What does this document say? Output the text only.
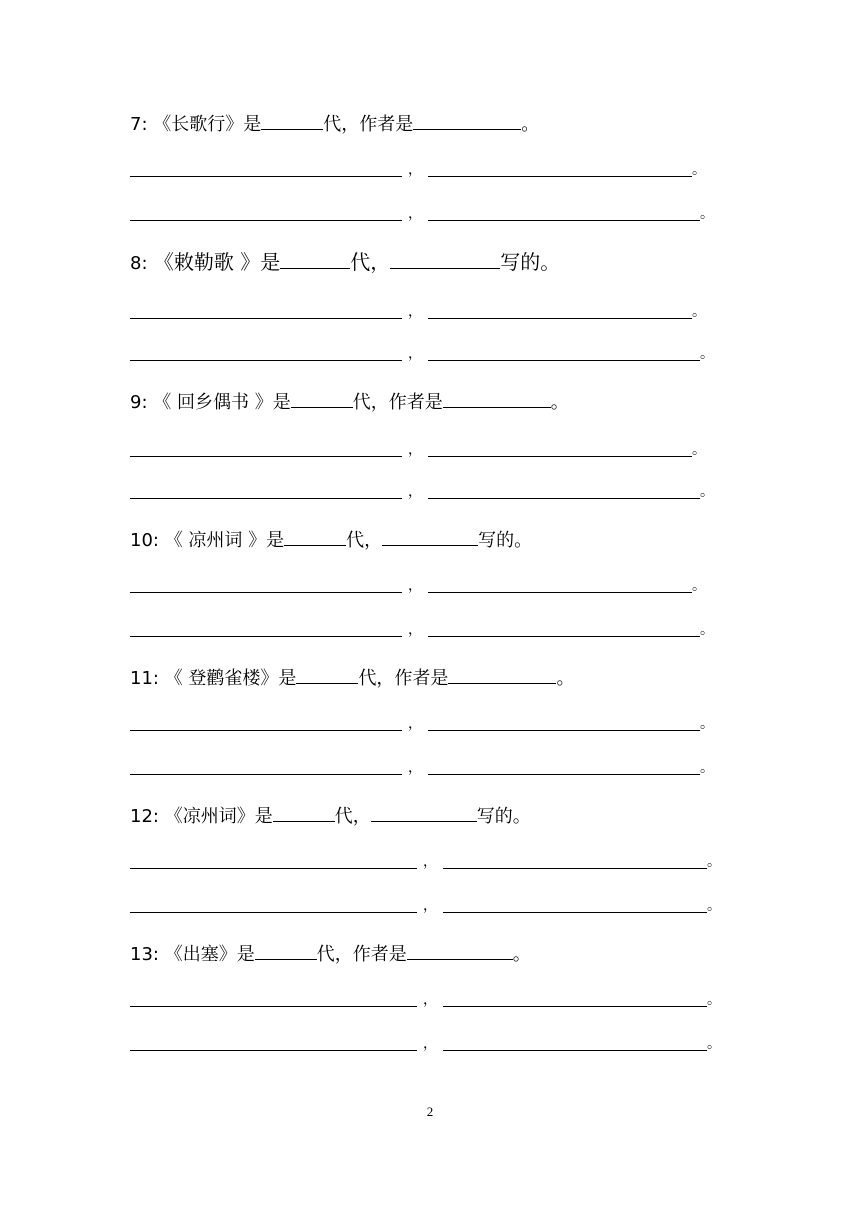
7: 《长歌行》是	代，作者是	。
，	。
，	。
8: 《敕勒歌 》是	代，	写的。
，	。
，	。
9: 《 回乡偶书 》是	代，作者是	。
，	。
，	。
10: 《 凉州词 》是	代，	写的。
，	。
，	。
11: 《 登鹳雀楼》是	代，作者是	。
，	。
，	。
12: 《凉州词》是	代，	写的。
，	。
，	。
13: 《出塞》是	代，作者是	。
，	。
，	。
2
